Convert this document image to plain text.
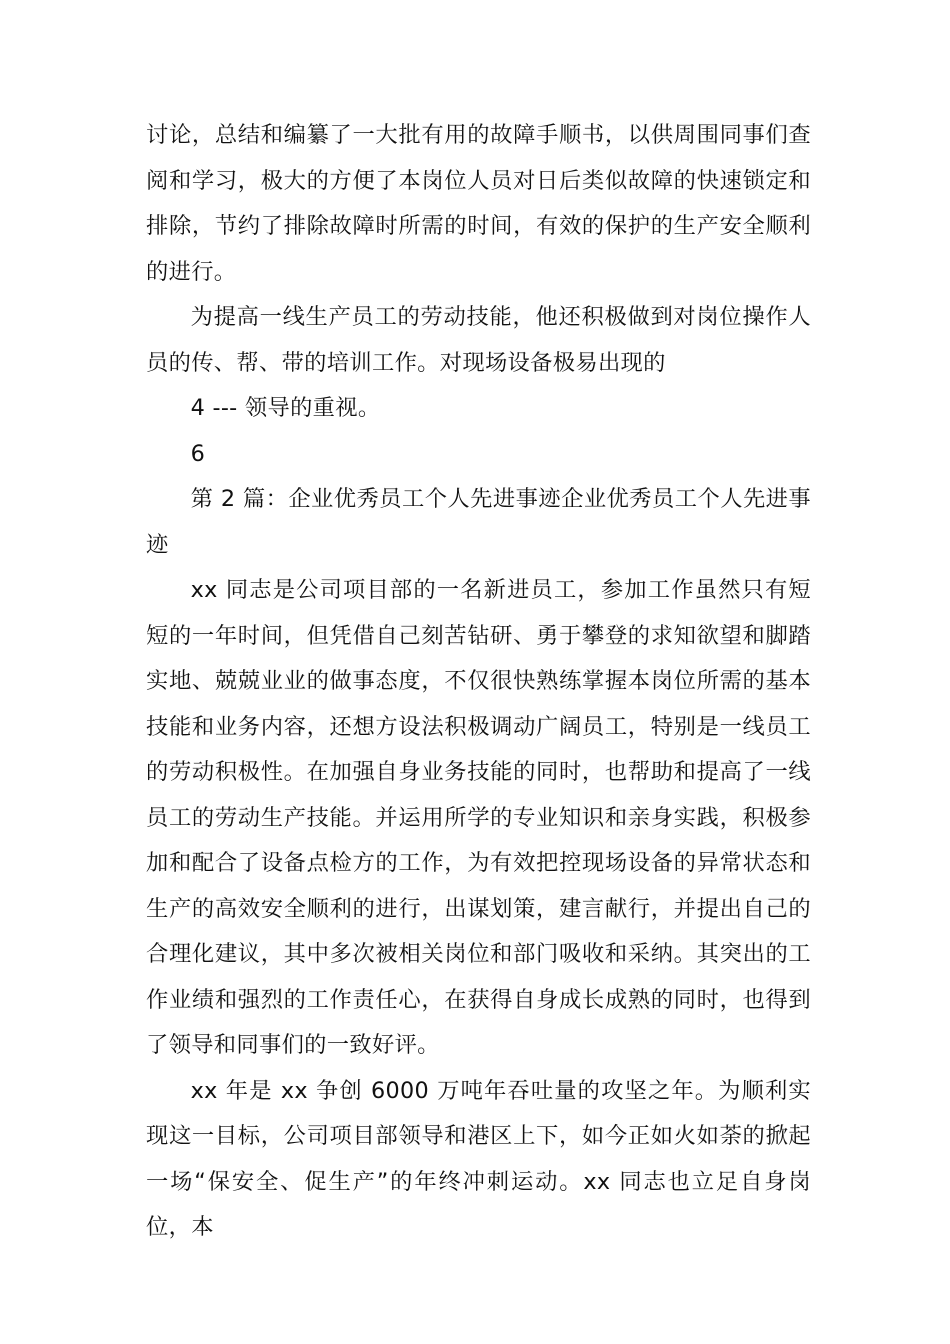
讨论，总结和编纂了一大批有用的故障手顺书，以供周围同事们查阅和学习，极大的方便了本岗位人员对日后类似故障的快速锁定和排除，节约了排除故障时所需的时间，有效的保护的生产安全顺利的进行。

为提高一线生产员工的劳动技能，他还积极做到对岗位操作人员的传、帮、带的培训工作。对现场设备极易出现的

4 --- 领导的重视。

6

第 2 篇：企业优秀员工个人先进事迹企业优秀员工个人先进事迹

xx 同志是公司项目部的一名新进员工，参加工作虽然只有短短的一年时间，但凭借自己刻苦钻研、勇于攀登的求知欲望和脚踏实地、兢兢业业的做事态度，不仅很快熟练掌握本岗位所需的基本技能和业务内容，还想方设法积极调动广阔员工，特别是一线员工的劳动积极性。在加强自身业务技能的同时，也帮助和提高了一线员工的劳动生产技能。并运用所学的专业知识和亲身实践，积极参加和配合了设备点检方的工作，为有效把控现场设备的异常状态和生产的高效安全顺利的进行，出谋划策，建言献行，并提出自己的合理化建议，其中多次被相关岗位和部门吸收和采纳。其突出的工作业绩和强烈的工作责任心，在获得自身成长成熟的同时，也得到了领导和同事们的一致好评。

xx 年是 xx 争创 6000 万吨年吞吐量的攻坚之年。为顺利实现这一目标，公司项目部领导和港区上下，如今正如火如荼的掀起一场“保安全、促生产”的年终冲刺运动。xx 同志也立足自身岗位，本
